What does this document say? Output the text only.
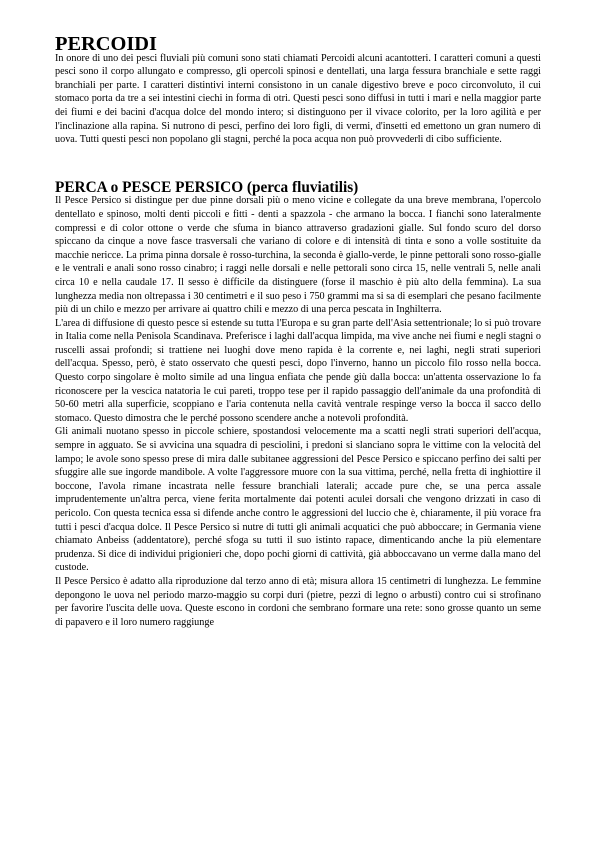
PERCOIDI

In onore di uno dei pesci fluviali più comuni sono stati chiamati Percoidi alcuni acantotteri. I caratteri comuni a questi pesci sono il corpo allungato e compresso, gli opercoli spinosi e dentellati, una larga fessura branchiale e sette raggi branchiali per parte. I caratteri distintivi interni consistono in un canale digestivo breve e poco circonvoluto, il cui stomaco porta da tre a sei intestini ciechi in forma di otri. Questi pesci sono diffusi in tutti i mari e nella maggior parte dei fiumi e dei bacini d'acqua dolce del mondo intero; si distinguono per il vivace colorito, per la loro agilità e per l'inclinazione alla rapina. Si nutrono di pesci, perfino dei loro figli, di vermi, d'insetti ed emettono un gran numero di uova. Tutti questi pesci non popolano gli stagni, perché la poca acqua non può provvederli di cibo sufficiente.

PERCA o PESCE PERSICO (perca fluviatilis)

Il Pesce Persico si distingue per due pinne dorsali più o meno vicine e collegate da una breve membrana, l'opercolo dentellato e spinoso, molti denti piccoli e fitti - denti a spazzola - che armano la bocca. I fianchi sono lateralmente compressi e di color ottone o verde che sfuma in bianco attraverso gradazioni gialle. Sul fondo scuro del dorso spiccano da cinque a nove fasce trasversali che variano di colore e di intensità di tinta e sono a volle sostituite da macchie nericce. La prima pinna dorsale è rosso-turchina, la seconda è giallo-verde, le pinne pettorali sono rosso-gialle e le ventrali e anali sono rosso cinabro; i raggi nelle dorsali e nelle pettorali sono circa 15, nelle ventrali 5, nelle anali circa 10 e nella caudale 17. Il sesso è difficile da distinguere (forse il maschio è più alto della femmina). La sua lunghezza media non oltrepassa i 30 centimetri e il suo peso i 750 grammi ma si sa di esemplari che pesano facilmente più di un chilo e mezzo per arrivare ai quattro chili e mezzo di una perca pescata in Inghilterra.

L'area di diffusione di questo pesce si estende su tutta l'Europa e su gran parte dell'Asia settentrionale; lo si può trovare in Italia come nella Penisola Scandinava. Preferisce i laghi dall'acqua limpida, ma vive anche nei fiumi e negli stagni o ruscelli assai profondi; si trattiene nei luoghi dove meno rapida è la corrente e, nei laghi, negli strati superiori dell'acqua. Spesso, però, è stato osservato che questi pesci, dopo l'inverno, hanno un piccolo filo rosso nella bocca. Questo corpo singolare è molto simile ad una lingua enfiata che pende giù dalla bocca: un'attenta osservazione lo fa riconoscere per la vescica natatoria le cui pareti, troppo tese per il rapido passaggio dell'animale da una profondità di 50-60 metri alla superficie, scoppiano e l'aria contenuta nella cavità ventrale respinge verso la bocca il sacco dello stomaco. Questo dimostra che le perché possono scendere anche a notevoli profondità.

Gli animali nuotano spesso in piccole schiere, spostandosi velocemente ma a scatti negli strati superiori dell'acqua, sempre in agguato. Se si avvicina una squadra di pesciolini, i predoni si slanciano sopra le vittime con la velocità del lampo; le avole sono spesso prese di mira dalle subitanee aggressioni del Pesce Persico e spiccano perfino dei salti per sfuggire alle sue ingorde mandibole. A volte l'aggressore muore con la sua vittima, perché, nella fretta di inghiottire il boccone, l'avola rimane incastrata nelle fessure branchiali laterali; accade pure che, se una perca assale imprudentemente un'altra perca, viene ferita mortalmente dai potenti aculei dorsali che vengono drizzati in caso di pericolo. Con questa tecnica essa si difende anche contro le aggressioni del luccio che è, chiaramente, il più vorace fra tutti i pesci d'acqua dolce. Il Pesce Persico si nutre di tutti gli animali acquatici che può abboccare; in Germania viene chiamato Anbeiss (addentatore), perché sfoga su tutti il suo istinto rapace, dimenticando anche la più elementare prudenza. Si dice di individui prigionieri che, dopo pochi giorni di cattività, già abboccavano un verme dalla mano del custode.

Il Pesce Persico è adatto alla riproduzione dal terzo anno di età; misura allora 15 centimetri di lunghezza. Le femmine depongono le uova nel periodo marzo-maggio su corpi duri (pietre, pezzi di legno o arbusti) contro cui si strofinano per favorire l'uscita delle uova. Queste escono in cordoni che sembrano formare una rete: sono grosse quanto un seme di papavero e il loro numero raggiunge
